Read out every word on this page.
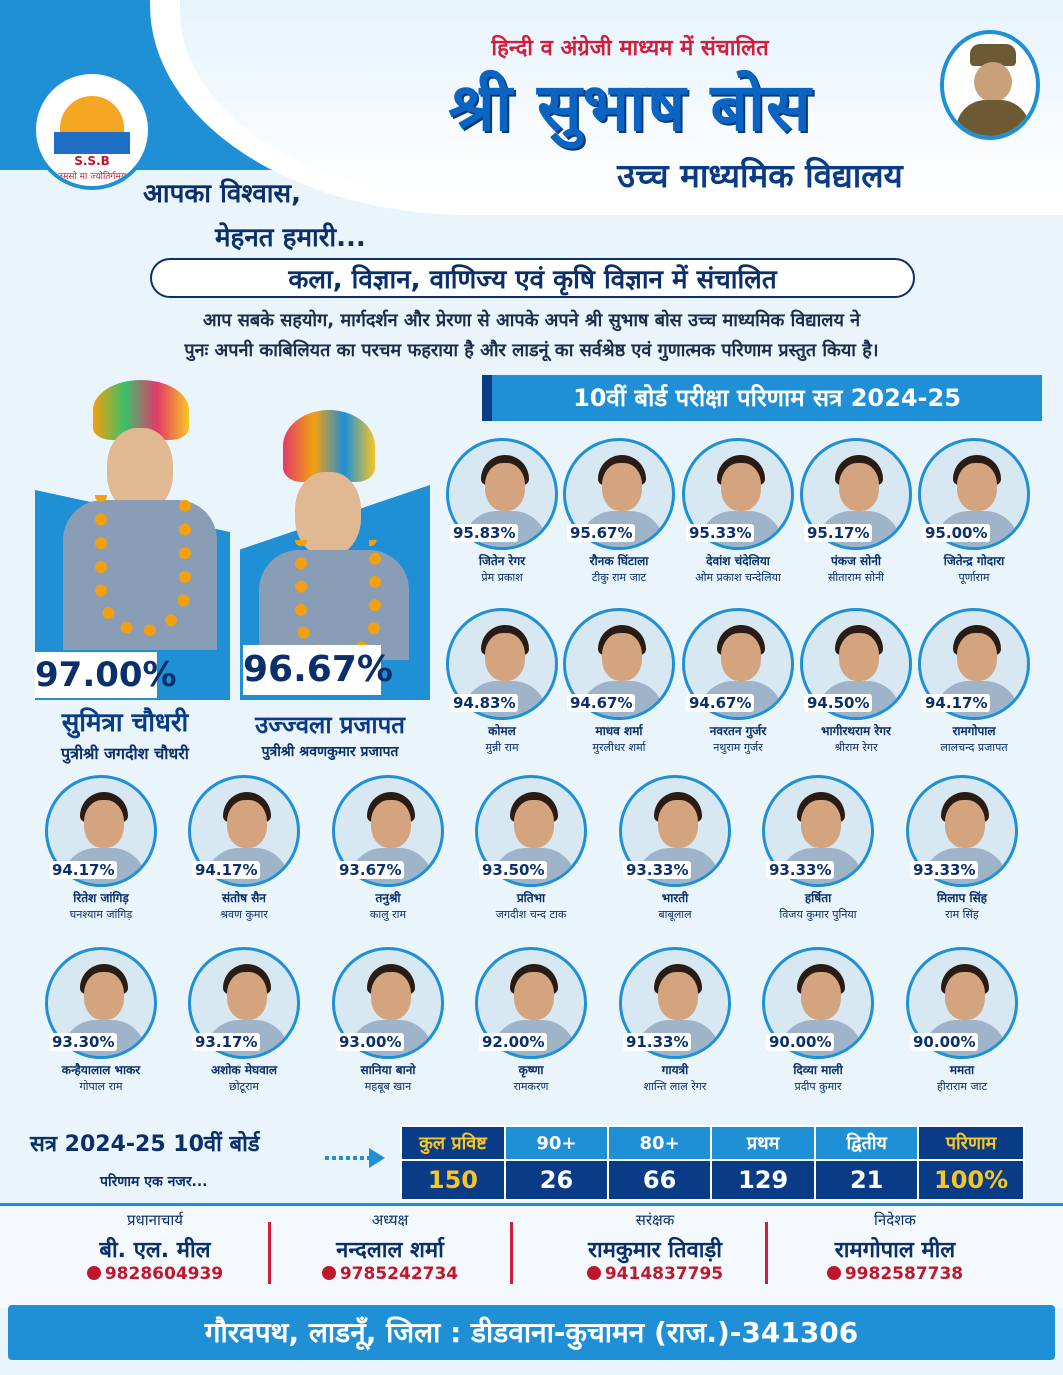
S.S.B
तमसो मा ज्योतिर्गमय
हिन्दी व अंग्रेजी माध्यम में संचालित
श्री सुभाष बोस
उच्च माध्यमिक विद्यालय
आपका विश्वास,
मेहनत हमारी...
कला, विज्ञान, वाणिज्य एवं कृषि विज्ञान में संचालित
आप सबके सहयोग, मार्गदर्शन और प्रेरणा से आपके अपने श्री सुभाष बोस उच्च माध्यमिक विद्यालय ने
पुनः अपनी काबिलियत का परचम फहराया है और लाडनूं का सर्वश्रेष्ठ एवं गुणात्मक परिणाम प्रस्तुत किया है।
10वीं बोर्ड परीक्षा परिणाम सत्र 2024-25
97.00%
सुमित्रा चौधरी
पुत्रीश्री जगदीश चौधरी
96.67%
उज्ज्वला प्रजापत
पुत्रीश्री श्रवणकुमार प्रजापत
95.83%
जितेन रेगर
प्रेम प्रकाश
95.67%
रौनक घिंटाला
टीकु राम जाट
95.33%
देवांश चंदेलिया
ओम प्रकाश चन्देलिया
95.17%
पंकज सोनी
सीताराम सोनी
95.00%
जितेन्द्र गोदारा
पूर्णाराम
94.83%
कोमल
मुन्नी राम
94.67%
माधव शर्मा
मुरलीधर शर्मा
94.67%
नवरतन गुर्जर
नथुराम गुर्जर
94.50%
भागीरथराम रेगर
श्रीराम रेगर
94.17%
रामगोपाल
लालचन्द प्रजापत
94.17%
रितेश जांगिड़
घनश्याम जांगिड़
94.17%
संतोष सैन
श्रवण कुमार
93.67%
तनुश्री
कालु राम
93.50%
प्रतिभा
जगदीश चन्द टाक
93.33%
भारती
बाबूलाल
93.33%
हर्षिता
विजय कुमार पुनिया
93.33%
मिलाप सिंह
राम सिंह
93.30%
कन्हैयालाल भाकर
गोपाल राम
93.17%
अशोक मेघवाल
छोटूराम
93.00%
सानिया बानो
महबूब खान
92.00%
कृष्णा
रामकरण
91.33%
गायत्री
शान्ति लाल रेगर
90.00%
दिव्या माली
प्रदीप कुमार
90.00%
ममता
हीराराम जाट
सत्र 2024-25 10वीं बोर्ड
परिणाम एक नजर...
कुल प्रविष्ट	90+	80+	प्रथम	द्वितीय	परिणाम
150	26	66	129	21	100%
प्रधानाचार्य
बी. एल. मील
9828604939
अध्यक्ष
नन्दलाल शर्मा
9785242734
सरंक्षक
रामकुमार तिवाड़ी
9414837795
निदेशक
रामगोपाल मील
9982587738
गौरवपथ, लाडनूँ, जिला : डीडवाना-कुचामन (राज.)-341306
